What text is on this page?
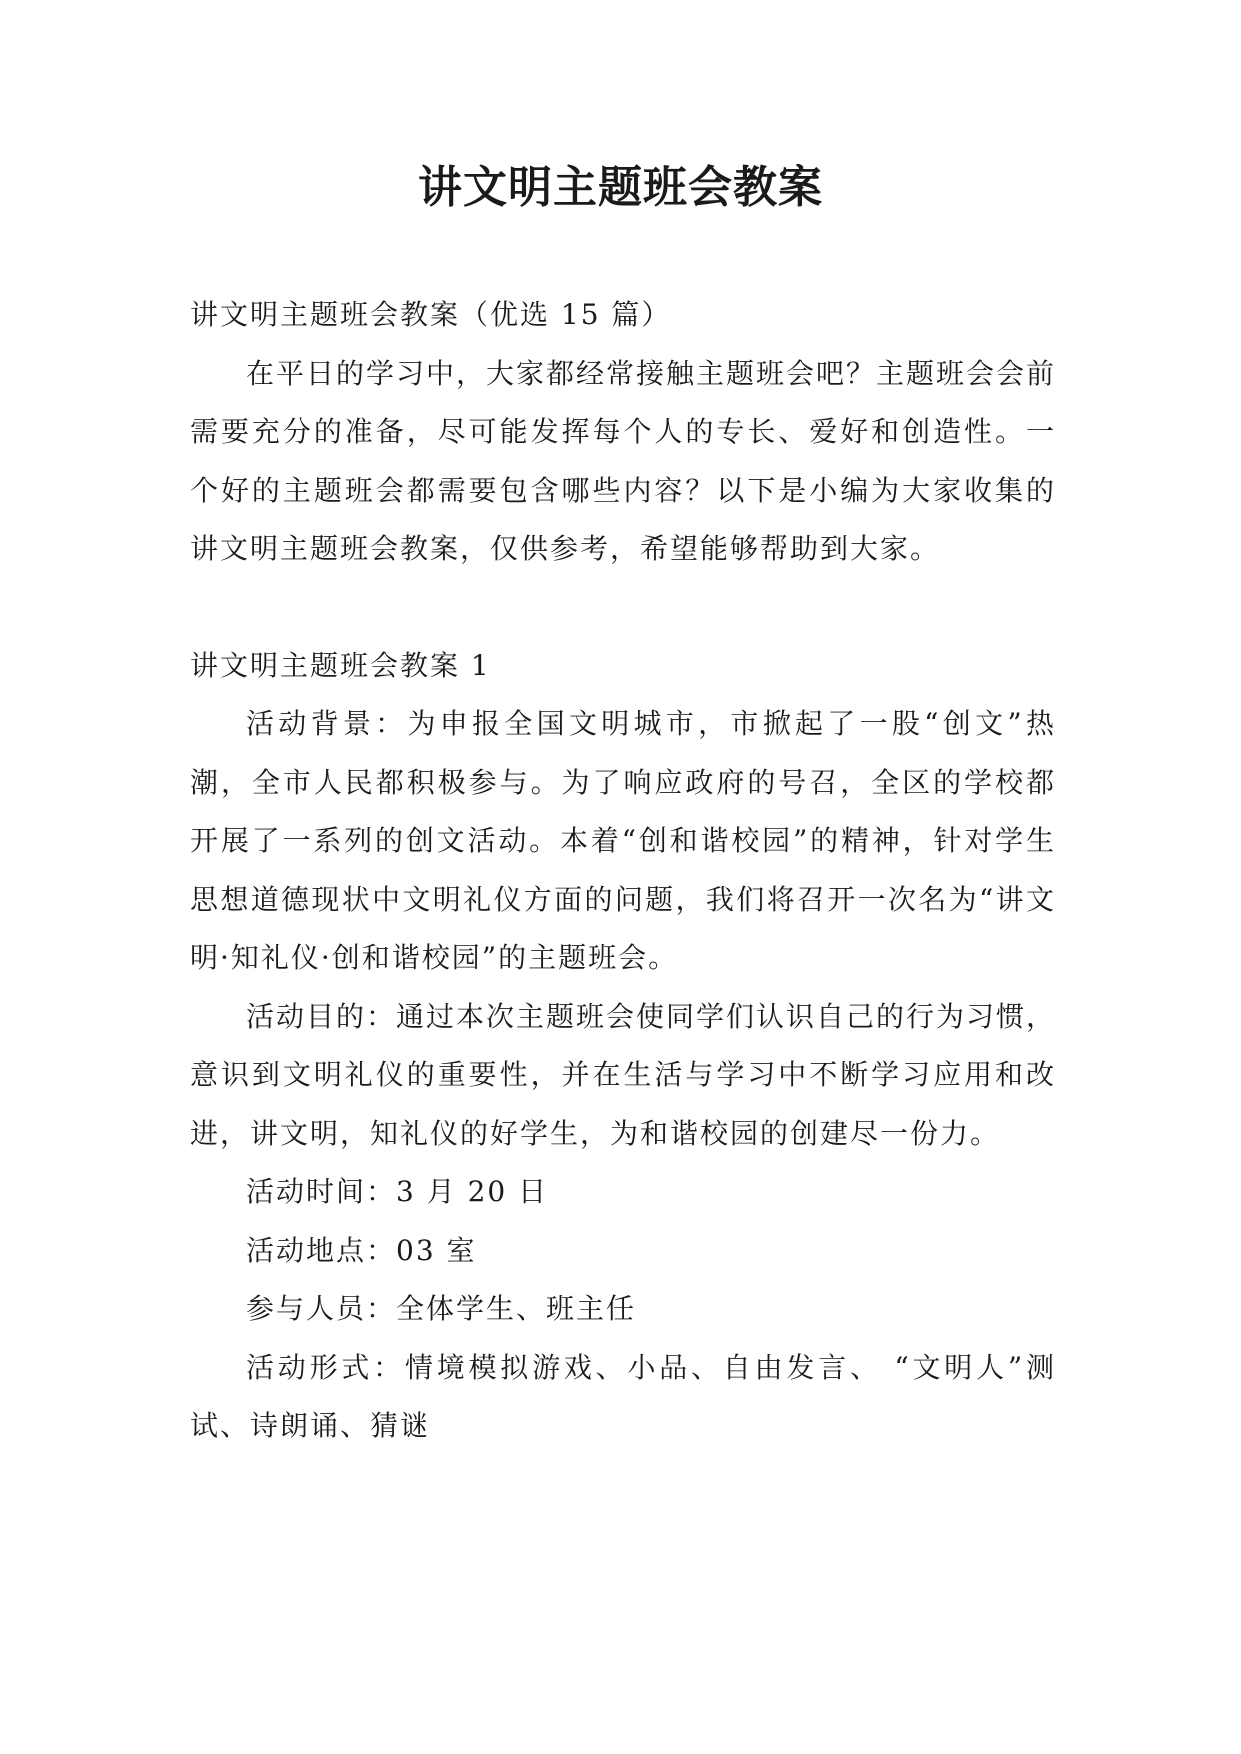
讲文明主题班会教案

讲文明主题班会教案（优选 15 篇）

在平日的学习中，大家都经常接触主题班会吧？主题班会会前需要充分的准备，尽可能发挥每个人的专长、爱好和创造性。一个好的主题班会都需要包含哪些内容？以下是小编为大家收集的讲文明主题班会教案，仅供参考，希望能够帮助到大家。

讲文明主题班会教案 1

活动背景：为申报全国文明城市，市掀起了一股“创文”热潮，全市人民都积极参与。为了响应政府的号召，全区的学校都开展了一系列的创文活动。本着“创和谐校园”的精神，针对学生思想道德现状中文明礼仪方面的问题，我们将召开一次名为“讲文明·知礼仪·创和谐校园”的主题班会。

活动目的：通过本次主题班会使同学们认识自己的行为习惯，意识到文明礼仪的重要性，并在生活与学习中不断学习应用和改进，讲文明，知礼仪的好学生，为和谐校园的创建尽一份力。

活动时间：3 月 20 日

活动地点：03 室

参与人员：全体学生、班主任

活动形式：情境模拟游戏、小品、自由发言、 “文明人”测试、诗朗诵、猜谜
